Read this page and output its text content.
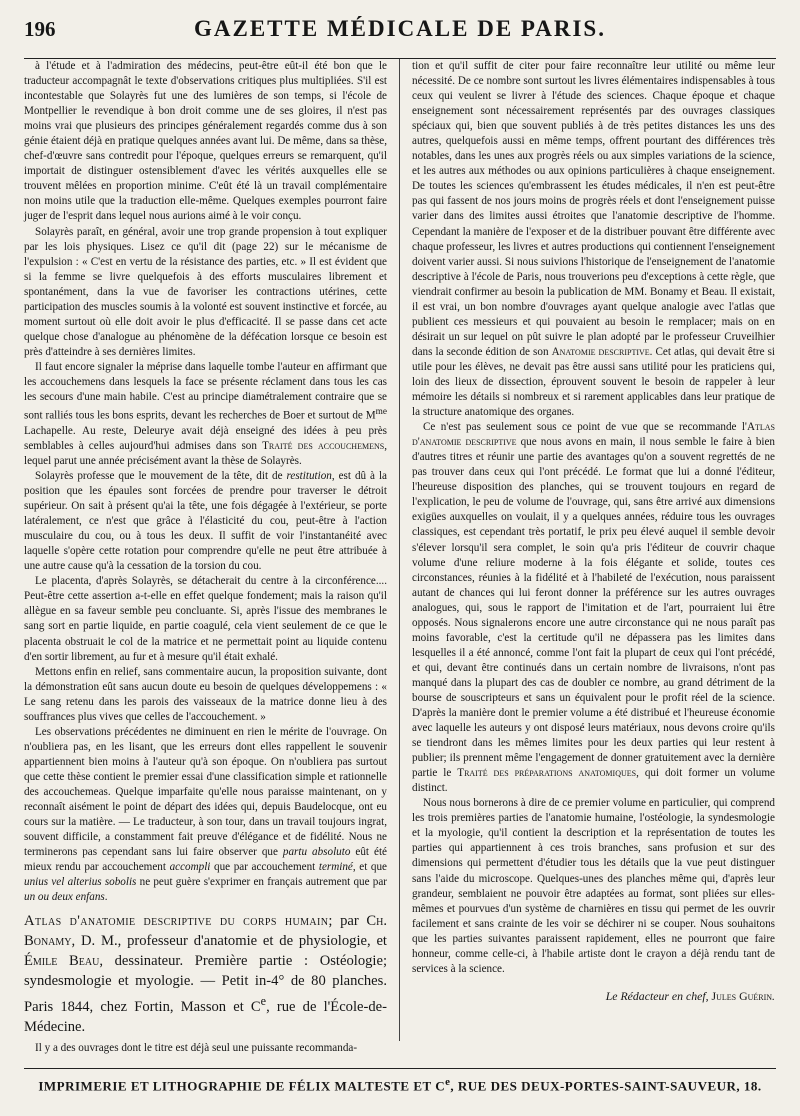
196	GAZETTE MÉDICALE DE PARIS.

à l'étude et à l'admiration des médecins, peut-être eût-il été bon que le traducteur accompagnât le texte d'observations critiques plus multipliées. S'il est incontestable que Solayrès fut une des lumières de son temps, si l'école de Montpellier le revendique à bon droit comme une de ses gloires, il n'est pas moins vrai que plusieurs des principes généralement regardés comme dus à son génie étaient déjà en pratique quelques années avant lui. De même, dans sa thèse, chef-d'œuvre sans contredit pour l'époque, quelques erreurs se remarquent, qu'il importait de distinguer ostensiblement d'avec les vérités auxquelles elle se trouvent mêlées en proportion minime. C'eût été là un travail complémentaire non moins utile que la traduction elle-même. Quelques exemples pourront faire juger de l'esprit dans lequel nous aurions aimé à le voir conçu.

Solayrès paraît, en général, avoir une trop grande propension à tout expliquer par les lois physiques. Lisez ce qu'il dit (page 22) sur le mécanisme de l'expulsion : « C'est en vertu de la résistance des parties, etc. » Il est évident que si la femme se livre quelquefois à des efforts musculaires librement et spontanément, dans la vue de favoriser les contractions utérines, cette participation des muscles soumis à la volonté est souvent instinctive et forcée, au moment surtout où elle doit avoir le plus d'efficacité. Il se passe dans cet acte quelque chose d'analogue au phénomène de la défécation lorsque ce besoin est près d'atteindre à ses dernières limites.

Il faut encore signaler la méprise dans laquelle tombe l'auteur en affirmant que les accouchemens dans lesquels la face se présente réclament dans tous les cas les secours d'une main habile. C'est au principe diamétralement contraire que se sont ralliés tous les bons esprits, devant les recherches de Boer et surtout de $M^{me}$ Lachapelle. Au reste, Deleurye avait déjà enseigné des idées à peu près semblables à celles aujourd'hui admises dans son Traité des accouchemens, lequel parut une année précisément avant la thèse de Solayrès.

Solayrès professe que le mouvement de la tête, dit de restitution, est dû à la position que les épaules sont forcées de prendre pour traverser le détroit supérieur. On sait à présent qu'ai la tête, une fois dégagée à l'extérieur, se porte latéralement, ce n'est que grâce à l'élasticité du cou, peut-être à l'action musculaire du cou, ou à tous les deux. Il suffit de voir l'instantanéité avec laquelle s'opère cette rotation pour comprendre qu'elle ne peut être attribuée à une autre cause qu'à la cessation de la torsion du cou.

Le placenta, d'après Solayrès, se détacherait du centre à la circonférence.... Peut-être cette assertion a-t-elle en effet quelque fondement; mais la raison qu'il allègue en sa faveur semble peu concluante. Si, après l'issue des membranes le sang sort en partie liquide, en partie coagulé, cela vient seulement de ce que le placenta obstruait le col de la matrice et ne permettait point au liquide contenu d'en sortir librement, au fur et à mesure qu'il était exhalé.

Mettons enfin en relief, sans commentaire aucun, la proposition suivante, dont la démonstration eût sans aucun doute eu besoin de quelques développemens : « Le sang retenu dans les parois des vaisseaux de la matrice donne lieu à des souffrances plus vives que celles de l'accouchement. »

Les observations précédentes ne diminuent en rien le mérite de l'ouvrage. On n'oubliera pas, en les lisant, que les erreurs dont elles rappellent le souvenir appartiennent bien moins à l'auteur qu'à son époque. On n'oubliera pas surtout que cette thèse contient le premier essai d'une classification simple et rationnelle des accouchemeas. Quelque imparfaite qu'elle nous paraisse maintenant, on y reconnaît aisément le point de départ des idées qui, depuis Baudelocque, ont eu cours sur la matière. — Le traducteur, à son tour, dans un travail toujours ingrat, souvent difficile, a constamment fait preuve d'élégance et de fidélité. Nous ne terminerons pas cependant sans lui faire observer que partu absoluto eût été mieux rendu par accouchement accompli que par accouchement terminé, et que unius vel alterius sobolis ne peut guère s'exprimer en français autrement que par un ou deux enfans.

Atlas d'anatomie descriptive du corps humain; par Ch. Bonamy, D. M., professeur d'anatomie et de physiologie, et Émile Beau, dessinateur. Première partie : Ostéologie; syndesmologie et myologie. — Petit in-4° de 80 planches. Paris 1844, chez Fortin, Masson et Ce, rue de l'École-de-Médecine.

Il y a des ouvrages dont le titre est déjà seul une puissante recommanda-

tion et qu'il suffit de citer pour faire reconnaître leur utilité ou même leur nécessité. De ce nombre sont surtout les livres élémentaires indispensables à tous ceux qui veulent se livrer à l'étude des sciences. Chaque époque et chaque enseignement sont nécessairement représentés par des ouvrages classiques spéciaux qui, bien que souvent publiés à de très petites distances les uns des autres, quelquefois aussi en même temps, offrent pourtant des différences très notables, dans les unes aux progrès réels ou aux simples variations de la science, et les autres aux méthodes ou aux opinions particulières à chaque enseignement. De toutes les sciences qu'embrassent les études médicales, il n'en est peut-être pas qui fassent de nos jours moins de progrès réels et dont l'enseignement puisse varier dans des limites aussi étroites que l'anatomie descriptive de l'homme. Cependant la manière de l'exposer et de la distribuer pouvant être différente avec chaque professeur, les livres et autres productions qui contiennent l'enseignement doivent varier aussi. Si nous suivions l'historique de l'enseignement de l'anatomie descriptive à l'école de Paris, nous trouverions peu d'exceptions à cette règle, que viendrait confirmer au besoin la publication de MM. Bonamy et Beau. Il existait, il est vrai, un bon nombre d'ouvrages ayant quelque analogie avec l'atlas que publient ces messieurs et qui pouvaient au besoin le remplacer; mais on en désirait un sur lequel on pût suivre le plan adopté par le professeur Cruveilhier dans la seconde édition de son Anatomie descriptive. Cet atlas, qui devait être si utile pour les élèves, ne devait pas être aussi sans utilité pour les praticiens qui, loin des lieux de dissection, éprouvent souvent le besoin de rappeler à leur mémoire les détails si nombreux et si rarement applicables dans leur pratique de la structure anatomique des organes.

Ce n'est pas seulement sous ce point de vue que se recommande l'Atlas d'anatomie descriptive que nous avons en main, il nous semble le faire à bien d'autres titres et réunir une partie des avantages qu'on a souvent regrettés de ne pas trouver dans ceux qui l'ont précédé. Le format que lui a donné l'éditeur, l'heureuse disposition des planches, qui se trouvent toujours en regard de l'explication, le peu de volume de l'ouvrage, qui, sans être arrivé aux dimensions exigües auxquelles on voulait, il y a quelques années, réduire tous les ouvrages classiques, est cependant très portatif, le prix peu élevé auquel il semble devoir s'élever lorsqu'il sera complet, le soin qu'a pris l'éditeur de couvrir chaque volume d'une reliure moderne à la fois élégante et solide, toutes ces circonstances, réunies à la fidélité et à l'habileté de l'exécution, nous paraissent autant de chances qui lui feront donner la préférence sur les autres ouvrages analogues, qui, sous le rapport de l'imitation et de l'art, pourraient lui être opposés. Nous signalerons encore une autre circonstance qui ne nous paraît pas moins favorable, c'est la certitude qu'il ne dépassera pas les limites dans lesquelles il a été annoncé, comme l'ont fait la plupart de ceux qui l'ont précédé, et qui, devant être continués dans un certain nombre de livraisons, n'ont pas manqué dans la plupart des cas de doubler ce nombre, au grand détriment de la bourse de souscripteurs et sans un équivalent pour le profit réel de la science. D'après la manière dont le premier volume a été distribué et l'heureuse économie avec laquelle les auteurs y ont disposé leurs matériaux, nous devons croire qu'ils se tiendront dans les mêmes limites pour les deux parties qui leur restent à publier; ils prennent même l'engagement de donner gratuitement avec la dernière partie le Traité des préparations anatomiques, qui doit former un volume distinct.

Nous nous bornerons à dire de ce premier volume en particulier, qui comprend les trois premières parties de l'anatomie humaine, l'ostéologie, la syndesmologie et la myologie, qu'il contient la description et la représentation de toutes les parties qui appartiennent à ces trois branches, sans profusion et sur des dimensions qui permettent d'étudier tous les détails que la vue peut distinguer sans l'aide du microscope. Quelques-unes des planches même qui, d'après leur grandeur, semblaient ne pouvoir être adaptées au format, sont pliées sur elles-mêmes et pourvues d'un système de charnières en tissu qui permet de les ouvrir facilement et sans crainte de les voir se déchirer ni se couper. Nous souhaitons que les parties suivantes paraissent rapidement, elles ne pourront que faire honneur, comme celle-ci, à l'habile artiste dont le crayon a déjà rendu tant de services à la science.

Le Rédacteur en chef, Jules Guérin.
IMPRIMERIE ET LITHOGRAPHIE DE FÉLIX MALTESTE ET Ce, RUE DES DEUX-PORTES-SAINT-SAUVEUR, 18.
